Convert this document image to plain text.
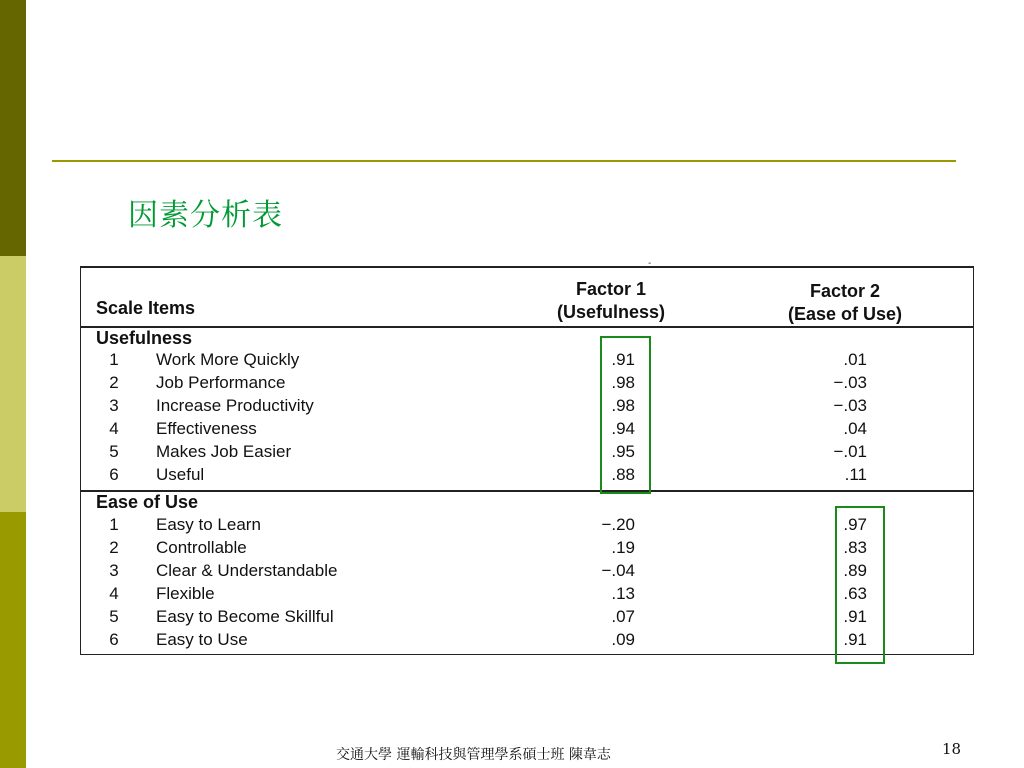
因素分析表
-
Scale Items
Factor 1
(Usefulness)
Factor 2
(Ease of Use)
Usefulness
1 Work More Quickly	.91	.01
2 Job Performance	.98	−.03
3 Increase Productivity	.98	−.03
4 Effectiveness	.94	.04
5 Makes Job Easier	.95	−.01
6 Useful	.88	.11
Ease of Use
1 Easy to Learn	−.20	.97
2 Controllable	.19	.83
3 Clear & Understandable	−.04	.89
4 Flexible	.13	.63
5 Easy to Become Skillful	.07	.91
6 Easy to Use	.09	.91
交通大學 運輸科技與管理學系碩士班 陳韋志	18
